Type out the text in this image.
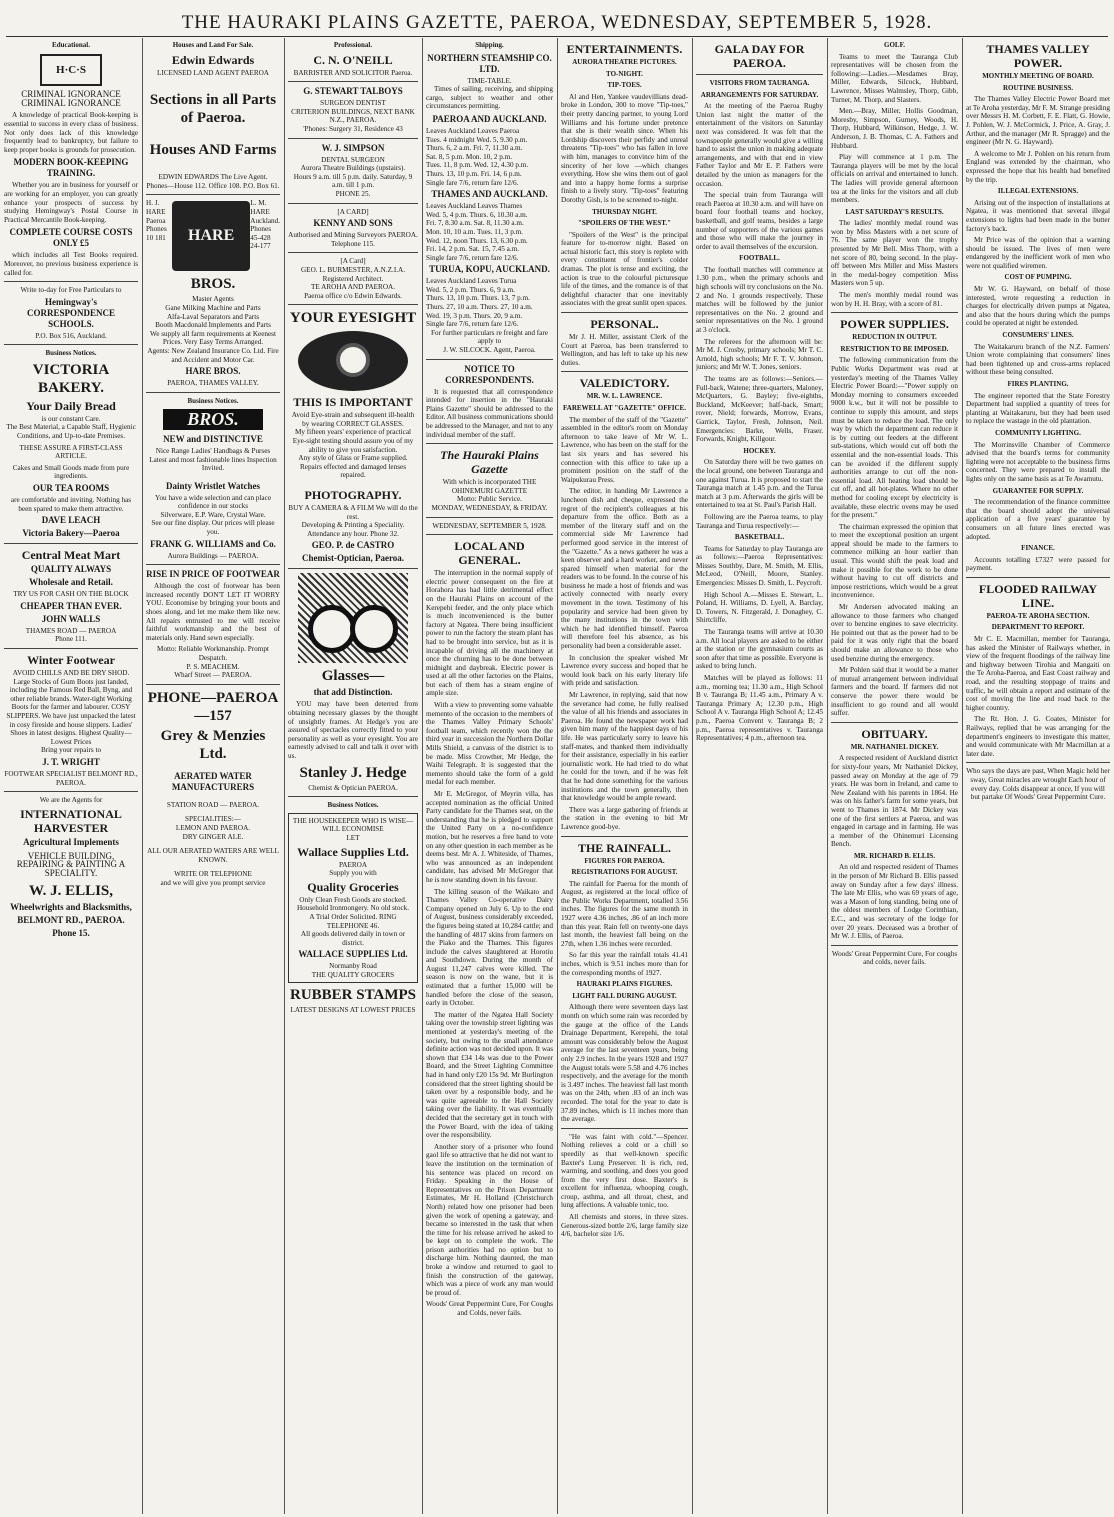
THE HAURAKI PLAINS GAZETTE, PAEROA, WEDNESDAY, SEPTEMBER 5, 1928.
Educational.
H·C·S
CRIMINAL IGNORANCE
CRIMINAL IGNORANCE

A knowledge of practical Book-keeping is essential to success in every class of business. Not only does lack of this knowledge frequently lead to bankruptcy, but failure to keep proper books is grounds for prosecution.

MODERN BOOK-KEEPING TRAINING.

Whether you are in business for yourself or are working for an employer, you can greatly enhance your prospects of success by studying Hemingway's Postal Course in Practical Mercantile Book-keeping.

COMPLETE COURSE COSTS ONLY £5

which includes all Test Books required. Moreover, no previous business experience is called for.

Write to-day for Free Particulars to
Hemingway's CORRESPONDENCE SCHOOLS.
P.O. Box 516, Auckland.
Business Notices.
VICTORIA BAKERY.
Your Daily Bread
is our constant Care.
The Best Material, a Capable Staff, Hygienic Conditions, and Up-to-date Premises.
THESE ASSURE A FIRST-CLASS ARTICLE.
Cakes and Small Goods made from pure ingredients.
OUR TEA ROOMS
are comfortable and inviting. Nothing has been spared to make them attractive.
DAVE LEACH
Victoria Bakery—Paeroa
Central Meat Mart
QUALITY ALWAYS
Wholesale and Retail.
TRY US FOR CASH ON THE BLOCK
CHEAPER THAN EVER.
JOHN WALLS
THAMES ROAD — PAEROA
Phone 111.
Winter Footwear
AVOID CHILLS AND BE DRY SHOD.
Large Stocks of Gum Boots just landed, including the Famous Red Ball, Byng, and other reliable brands. Water-tight Working Boots for the farmer and labourer. COSY SLIPPERS. We have just unpacked the latest in cosy fireside and house slippers. Ladies' Shoes in latest designs. Highest Quality—Lowest Prices
Bring your repairs to
J. T. WRIGHT
FOOTWEAR SPECIALIST BELMONT RD., PAEROA.
We are the Agents for
INTERNATIONAL HARVESTER
Agricultural Implements
VEHICLE BUILDING, REPAIRING & PAINTING A SPECIALITY.
W. J. ELLIS,
Wheelwrights and Blacksmiths,
BELMONT RD., PAEROA.
Phone 15.
Houses and Land For Sale.
Edwin Edwards
LICENSED LAND AGENT PAEROA
Sections in all Parts of Paeroa.
Houses AND Farms
EDWIN EDWARDS The Live Agent.
Phones—House 112. Office 108. P.O. Box 61.
H. J. HARE Paeroa Phones 10 181	HARE
L. M. HARE Auckland. Phones 45-428 24-177
BROS.
Master Agents
Gane Milking Machine and Parts
Alfa-Laval Separators and Parts
Booth Macdonald Implements and Parts
We supply all farm requirements at Keenest Prices. Very Easy Terms Arranged.
Agents: New Zealand Insurance Co. Ltd. Fire and Accident and Motor Car.
HARE BROS.
PAEROA, THAMES VALLEY.
Business Notices.
BROS.
NEW and DISTINCTIVE
Nice Range Ladies' Handbags & Purses
Latest and most fashionable lines Inspection Invited.
Dainty Wristlet Watches
You have a wide selection and can place confidence in our stocks
Silverware, E.P. Ware, Crystal Ware.
See our fine display. Our prices will please you.
FRANK G. WILLIAMS and Co.
Aurora Buildings — PAEROA.
RISE IN PRICE OF FOOTWEAR

Although the cost of footwear has been increased recently DON'T LET IT WORRY YOU. Economise by bringing your boots and shoes along, and let me make them like new. All repairs entrusted to me will receive faithful workmanship and the best of materials only. Hand sewn especially.

Motto: Reliable Workmanship. Prompt Despatch.
P. S. MEACHEM.
Wharf Street — PAEROA.
PHONE—PAEROA —157
Grey & Menzies Ltd.
AERATED WATER MANUFACTURERS
STATION ROAD — PAEROA.
SPECIALITIES:—
LEMON AND PAEROA.
DRY GINGER ALE.
ALL OUR AERATED WATERS ARE WELL KNOWN.
WRITE OR TELEPHONE
and we will give you prompt service
Professional.
C. N. O'NEILL
BARRISTER AND SOLICITOR Paeroa.
G. STEWART TALBOYS
SURGEON DENTIST
CRITERION BUILDINGS, NEXT BANK N.Z., PAEROA.
'Phones: Surgery 31, Residence 43
W. J. SIMPSON
DENTAL SURGEON
Aurora Theatre Buildings (upstairs).
Hours 9 a.m. till 5 p.m. daily. Saturday, 9 a.m. till 1 p.m.
PHONE 25.
[A CARD]
KENNY AND SONS
Authorised and Mining Surveyors PAEROA.
Telephone 115.
[A Card]
GEO. L. BURMESTER, A.N.Z.I.A.
Registered Architect.
TE AROHA AND PAEROA.
Paeroa office c/o Edwin Edwards.
YOUR EYESIGHT
THIS IS IMPORTANT
Avoid Eye-strain and subsequent ill-health by wearing CORRECT GLASSES.
My fifteen years' experience of practical Eye-sight testing should assure you of my ability to give you satisfaction.
Any style of Glass or Frame supplied.
Repairs effected and damaged lenses repaired.
PHOTOGRAPHY.
BUY A CAMERA & A FILM We will do the rest.
Developing & Printing a Speciality. Attendance any hour. Phone 32.
GEO. P. de CASTRO
Chemist-Optician, Paeroa.
Glasses—
that add Distinction.

YOU may have been deterred from obtaining necessary glasses by the thought of unsightly frames. At Hedge's you are assured of spectacles correctly fitted to your personality as well as your eyesight. You are earnestly advised to call and talk it over with us.

Stanley J. Hedge
Chemist & Optician PAEROA.
Business Notices.
THE HOUSEKEEPER WHO IS WISE—
WILL ECONOMISE
LET
Wallace Supplies Ltd.
PAEROA
Supply you with
Quality Groceries
Only Clean Fresh Goods are stocked.
Household Ironmongery. No old stock.
A Trial Order Solicited. RING TELEPHONE 46.
All goods delivered daily in town or district.
WALLACE SUPPLIES Ltd.
Normanby Road
THE QUALITY GROCERS
RUBBER STAMPS
LATEST DESIGNS AT LOWEST PRICES
Shipping.
NORTHERN STEAMSHIP CO. LTD.
TIME-TABLE.

Times of sailing, receiving, and shipping cargo, subject to weather and other circumstances permitting.

PAEROA AND AUCKLAND.
Leaves Auckland Leaves Paeroa
Tues. 4 midnight Wed. 5, 9.30 p.m.
Thurs. 6, 2 a.m. Fri. 7, 11.30 a.m.
Sat. 8, 5 p.m. Mon. 10, 2 p.m.
Tues. 11, 8 p.m. Wed. 12, 4.30 p.m.
Thurs. 13, 10 p.m. Fri. 14, 6 p.m.
Single fare 7/6, return fare 12/6.
THAMES AND AUCKLAND.
Leaves Auckland Leaves Thames
Wed. 5, 4 p.m. Thurs. 6, 10.30 a.m.
Fri. 7, 8.30 a.m. Sat. 8, 11.30 a.m.
Mon. 10, 10 a.m. Tues. 11, 3 p.m.
Wed. 12, noon Thurs. 13, 6.30 p.m.
Fri. 14, 2 p.m. Sat. 15, 7.45 a.m.
Single fare 7/6, return fare 12/6.
TURUA, KOPU, AUCKLAND.
Leaves Auckland Leaves Turua
Wed. 5, 2 p.m. Thurs. 6, 9 a.m.
Thurs. 13, 10 p.m. Thurs. 13, 7 p.m.
Thurs. 27, 10 a.m. Thurs. 27, 10 a.m.
Wed. 19, 3 p.m. Thurs. 20, 9 a.m.
Single fare 7/6, return fare 12/6.
For further particulars re freight and fare apply to
J. W. SILCOCK. Agent, Paeroa.
NOTICE TO CORRESPONDENTS.

It is requested that all correspondence intended for insertion in the "Hauraki Plains Gazette" should be addressed to the Editor. All business communications should be addressed to the Manager, and not to any individual member of the staff.

The Hauraki Plains Gazette
With which is incorporated THE OHINEMURI GAZETTE
Motto: Public Service.
MONDAY, WEDNESDAY, & FRIDAY.
WEDNESDAY, SEPTEMBER 5, 1928.
LOCAL AND GENERAL.

The interruption in the normal supply of electric power consequent on the fire at Horahora has had little detrimental effect on the Hauraki Plains on account of the Kerepehi feeder, and the only place which is much inconvenienced is the butter factory at Ngatea. There being insufficient power to run the factory the steam plant has had to be brought into service, but as it is incapable of driving all the machinery at once the churning has to be done between midnight and daybreak. Electric power is used at all the other factories on the Plains, but each of them has a steam engine of ample size.

With a view to preventing some valuable memento of the occasion to the members of the Thames Valley Primary Schools' football team, which recently won the the third year in succession the Northern Dollar Mills Shield, a canvass of the district is to be made. Miss Crowther, Mr Hedge, the Waihi Telegraph. It is suggested that the memento should take the form of a gold medal for each member.

Mr E. McGregor, of Meyrin villa, has accepted nomination as the official United Party candidate for the Thames seat, on the understanding that he is pledged to support the United Party on a no-confidence motion, but he reserves a free hand to vote on any other question in each member as he deems best. Mr A. J. Whiteside, of Thames, who was announced as an independent candidate, has advised Mr McGregor that he is now standing down in his favour.

The killing season of the Waikato and Thames Valley Co-operative Dairy Company opened on July 6. Up to the end of August, business considerably exceeded, the figures being stated at 10,284 cattle; and the handling of 4817 skins from farmers on the Piako and the Thames. This figures include the calves slaughtered at Horotiu and Southdown. During the month of August 11,247 calves were killed. The season is now on the wane, but it is estimated that a further 15,000 will be handled before the close of the season, early in October.

The matter of the Ngatea Hall Society taking over the township street lighting was mentioned at yesterday's meeting of the society, but owing to the small attendance definite action was not decided upon. It was shown that £34 14s was due to the Power Board, and the Street Lighting Committee had in hand only £20 15s 9d. Mr Burlington considered that the street lighting should be taken over by a responsible body, and he was quite agreeable to the Hall Society taking over the liability. It was eventually decided that the secretary get in touch with the Power Board, with the idea of taking over the responsibility.

Another story of a prisoner who found gaol life so attractive that he did not want to leave the institution on the termination of his sentence was placed on record on Friday. Speaking in the House of Representatives on the Prison Department Estimates, Mr H. Holland (Christchurch North) related how one prisoner had been given the work of opening a gateway, and became so interested in the task that when the time for his release arrived he asked to be kept on to complete the work. The prison authorities had no option but to discharge him. Nothing daunted, the man broke a window and returned to gaol to finish the construction of the gateway, which was a piece of work any man would be proud of.

Woods' Great Peppermint Cure, For Coughs and Colds, never fails.
ENTERTAINMENTS.
AURORA THEATRE PICTURES.
TO-NIGHT.
TIP-TOES.

Al and Hen, Yankee vaudevillians dead-broke in London, 300 to move "Tip-toes," their pretty dancing partner, to young Lord Williams and his fortune under pretence that she is their wealth since. When his Lordship discovers their perfidy and unreal threatens "Tip-toes" who has fallen in love with him, manages to convince him of the sincerity of her love —which changes everything. How she wins them out of gaol and into a happy home forms a surprise finish to a lively story. "Tip-toes" featuring Dorothy Gish, is to be screened to-night.

THURSDAY NIGHT.
"SPOILERS OF THE WEST."

"Spoilers of the West" is the principal feature for to-morrow night. Based on actual historic fact, this story is replete with every constituent of frontier's colder dramas. The plot is tense and exciting, the action is true to the colourful picturesque life of the times, and the romance is of that delightful character that one inevitably associates with the great sunlit open spaces.

PERSONAL.

Mr J. H. Miller, assistant Clerk of the Court at Paeroa, has been transferred to Wellington, and has left to take up his new duties.

VALEDICTORY.
MR. W. L. LAWRENCE.
FAREWELL AT "GAZETTE" OFFICE.

The member of the staff of the "Gazette" assembled in the editor's room on Monday afternoon to take leave of Mr W. L. Lawrence, who has been on the staff for the last six years and has severed his connection with this office to take up a prominent position on the staff of the Waipukurau Press.

The editor, in handing Mr Lawrence a luncheon dish and cheque, expressed the regret of the recipient's colleagues at his departure from the office. Both as a member of the literary staff and on the commercial side Mr Lawrence had performed good service in the interest of the "Gazette." As a news gatherer he was a keen observer and a hard worker, and never spared himself when material for the readers was to be found. In the course of his business he made a host of friends and was actively connected with nearly every movement in the town. Testimony of his popularity and service had been given by the many institutions in the town with which he had identified himself. Paeroa will therefore feel his absence, as his personality had been a considerable asset.

In conclusion the speaker wished Mr Lawrence every success and hoped that he would look back on his early literary life with pride and satisfaction.

Mr Lawrence, in replying, said that now the severance had come, he fully realised the value of all his friends and associates in Paeroa. He found the newspaper work had given him many of the happiest days of his life. He was particularly sorry to leave his staff-mates, and thanked them individually for their assistance, especially in his earlier journalistic work. He had tried to do what he could for the town, and if he was felt that he had done something for the various institutions and the town generally, then that knowledge would be ample reward.

There was a large gathering of friends at the station in the evening to bid Mr Lawrence good-bye.

THE RAINFALL.
FIGURES FOR PAEROA.
REGISTRATIONS FOR AUGUST.

The rainfall for Paeroa for the month of August, as registered at the local office of the Public Works Department, totalled 3.56 inches. The figures for the same month in 1927 were 4.36 inches, .86 of an inch more than this year. Rain fell on twenty-one days last month, the heaviest fall being on the 27th, when 1.36 inches were recorded.

So far this year the rainfall totals 41.41 inches, which is 9.51 inches more than for the corresponding months of 1927.

HAURAKI PLAINS FIGURES.
LIGHT FALL DURING AUGUST.

Although there were seventeen days last month on which some rain was recorded by the gauge at the office of the Lands Drainage Department, Kerepehi, the total amount was considerably below the August average for the last seventeen years, being only 2.9 inches. In the years 1928 and 1927 the August totals were 5.58 and 4.76 inches respectively, and the average for the month is 3.497 inches. The heaviest fall last month was on the 24th, when .83 of an inch was recorded. The total for the year to date is 37.89 inches, which is 11 inches more than the average.

"He was faint with cold."—Spencer. Nothing relieves a cold or a chill so speedily as that well-known specific Baxter's Lung Preserver. It is rich, red, warming, and soothing, and does you good from the very first dose. Baxter's is excellent for influenza, whooping cough, croup, asthma, and all throat, chest, and lung affections. A valuable tonic, too.

All chemists and stores, in three sizes. Generous-sized bottle 2/6, large family size 4/6, bachelor size 1/6.

GALA DAY FOR PAEROA.
VISITORS FROM TAURANGA.
ARRANGEMENTS FOR SATURDAY.

At the meeting of the Paeroa Rugby Union last night the matter of the entertainment of the visitors on Saturday next was considered. It was felt that the townspeople generally would give a willing hand to assist the union in making adequate arrangements, and with that end in view Father Taylor and Mr E. P. Fathers were detailed by the union as managers for the occasion.

The special train from Tauranga will reach Paeroa at 10.30 a.m. and will have on board four football teams and hockey, basketball, and golf teams, besides a large number of supporters of the various games and those who will make the journey in order to avail themselves of the excursion.

FOOTBALL.

The football matches will commence at 1.30 p.m., when the primary schools and high schools will try conclusions on the No. 2 and No. 1 grounds respectively. These matches will be followed by the junior representatives on the No. 2 ground and senior representatives on the No. 1 ground at 3 o'clock.

The referees for the afternoon will be: Mr M. J. Crosby, primary schools; Mr T. C. Arnold, high schools; Mr F. T. V. Johnson, juniors; and Mr W. T. Jones, seniors.

The teams are as follows:—Seniors.—Full-back, Watene; three-quarters, Maloney, McQuarters, G. Bayley; five-eighths, Buckland, McKeever; half-back, Smart; rover, Nield; forwards, Morrow, Evans, Garrick, Taylor, Fresh, Johnson, Neil. Emergencies: Barke, Wells, Fraser. Forwards, Knight, Killgour.

HOCKEY.

On Saturday there will be two games on the local ground, one between Tauranga and one against Turua. It is proposed to start the Tauranga match at 1.45 p.m. and the Turua match at 3 p.m. Afterwards the girls will be entertained to tea at St. Paul's Parish Hall.

Following are the Paeroa teams, to play Tauranga and Turua respectively:—

BASKETBALL.

Teams for Saturday to play Tauranga are as follows:—Paeroa Representatives: Misses Southby, Dare, M. Smith, M. Ellis, McLeod, O'Neill, Moore, Stanley. Emergencies: Misses D. Smith, L. Peycroft.

High School A.—Misses E. Stewart, L. Poland, H. Williams, D. Lyell, A. Barclay, D. Towers, N. Fitzgerald, J. Donaghey, C. Shirtcliffe.

The Tauranga teams will arrive at 10.30 a.m. All local players are asked to be either at the station or the gymnasium courts as soon after that time as possible. Everyone is asked to bring lunch.

Matches will be played as follows: 11 a.m., morning tea; 11.30 a.m., High School B v. Tauranga B; 11.45 a.m., Primary A v. Tauranga Primary A; 12.30 p.m., High School A v. Tauranga High School A; 12.45 p.m., Paeroa Convent v. Tauranga B; 2 p.m., Paeroa representatives v. Tauranga Representatives; 4 p.m., afternoon tea.

GOLF.

Teams to meet the Tauranga Club representatives will be chosen from the following:—Ladies.—Mesdames Bray, Miller, Edwards, Silcock, Hubbard, Lawrence, Misses Walmsley, Thorp, Gibb, Turner, M. Thorp, and Slasters.

Men.—Bray, Miller, Hollis Goodman, Moresby, Simpson, Gurney, Woods, H. Thorp, Hubbard, Wilkinson, Hedge, J. W. Anderson, J. B. Thomas, C. A. Fathers and Hubbard.

Play will commence at 1 p.m. The Tauranga players will be met by the local officials on arrival and entertained to lunch. The ladies will provide general afternoon tea at the links for the visitors and all club members.

LAST SATURDAY'S RESULTS.

The ladies' monthly medal round was won by Miss Masters with a net score of 76. The same player won the trophy presented by Mr Bell. Miss Thorp, with a net score of 80, being second. In the play-off between Mrs Miller and Miss Masters in the medal-bogey competition Miss Masters won 5 up.

The men's monthly medal round was won by H. H. Bray, with a score of 81.

POWER SUPPLIES.
REDUCTION IN OUTPUT.
RESTRICTION TO BE IMPOSED.

The following communication from the Public Works Department was read at yesterday's meeting of the Thames Valley Electric Power Board:—"Power supply on Monday morning to consumers exceeded 9000 k.w., but it will not be possible to continue to supply this amount, and steps must be taken to reduce the load. The only way by which the department can reduce it is by cutting out feeders at the different sub-stations, which would cut off both the essential and the non-essential loads. This can be avoided if the different supply authorities arrange to cut off the non-essential load. All heating load should be cut off, and all hot-plates. Where no other method for cooling except by electricity is available, these electric ovens may be used for the present."

The chairman expressed the opinion that to meet the exceptional position an urgent appeal should be made to the farmers to commence milking an hour earlier than usual. This would shift the peak load and make it possible for the work to be done without having to cut off districts and impose restrictions, which would be a great inconvenience.

Mr Andersen advocated making an allowance to those farmers who changed over to benzine engines to save electricity. He pointed out that as the power had to be paid for it was only right that the board should make an allowance to those who used benzine during the emergency.

Mr Pohlen said that it would be a matter of mutual arrangement between individual farmers and the board. If farmers did not conserve the power there would be insufficient to go round and all would suffer.

OBITUARY.
MR. NATHANIEL DICKEY.

A respected resident of Auckland district for sixty-four years, Mr Nathaniel Dickey, passed away on Monday at the age of 79 years. He was born in Ireland, and came to New Zealand with his parents in 1864. He was on his father's farm for some years, but went to Thames in 1874. Mr Dickey was one of the first settlers at Paeroa, and was engaged in cartage and in farming. He was a member of the Ohinemuri Licensing Bench.

MR. RICHARD B. ELLIS.

An old and respected resident of Thames in the person of Mr Richard B. Ellis passed away on Sunday after a few days' illness. The late Mr Ellis, who was 69 years of age, was a Mason of long standing, being one of the oldest members of Lodge Corinthian, E.C., and was secretary of the lodge for over 20 years. Deceased was a brother of Mr W. J. Ellis, of Paeroa.

Woods' Great Peppermint Cure, For coughs and colds, never fails.
THAMES VALLEY POWER.
MONTHLY MEETING OF BOARD.
ROUTINE BUSINESS.

The Thames Valley Electric Power Board met at Te Aroha yesterday, Mr F. M. Strange presiding over Messrs H. M. Corbett, F. E. Flatt, G. Howie, J. Pohlen, W. J. McCormick, J. Price, A. Gray, J. Arthur, and the manager (Mr R. Spragge) and the engineer (Mr N. G. Hayward).

A welcome to Mr J. Pohlen on his return from England was extended by the chairman, who expressed the hope that his health had benefited by the trip.

ILLEGAL EXTENSIONS.

Arising out of the inspection of installations at Ngatea, it was mentioned that several illegal extensions to lights had been made in the butter factory's back.

Mr Price was of the opinion that a warning should be issued. The lives of men were endangered by the inefficient work of men who were not qualified wiremen.

COST OF PUMPING.

Mr W. G. Hayward, on behalf of those interested, wrote requesting a reduction in charges for electrically driven pumps at Ngatea, and also that the hours during which the pumps could be operated at night be extended.

CONSUMERS' LINES.

The Waitakaruru branch of the N.Z. Farmers' Union wrote complaining that consumers' lines had been tightened up and cross-arms replaced without these being consulted.

FIRES PLANTING.

The engineer reported that the State Forestry Department had supplied a quantity of trees for planting at Waitakaruru, but they had been used to replace the wastage in the old plantation.

COMMUNITY LIGHTING.

The Morrinsville Chamber of Commerce advised that the board's terms for community lighting were not acceptable to the business firms concerned. They were prepared to install the lights only on the same basis as at Te Awamutu.

GUARANTEE FOR SUPPLY.

The recommendation of the finance committee that the board should adopt the universal application of a five years' guarantee by consumers on all future lines erected was adopted.

FINANCE.

Accounts totalling £7327 were passed for payment.

FLOODED RAILWAY LINE.
PAEROA-TE AROHA SECTION.
DEPARTMENT TO REPORT.

Mr C. E. Macmillan, member for Tauranga, has asked the Minister of Railways whether, in view of the frequent floodings of the railway line and highway between Tirohia and Mangaiti on the Te Aroha-Paeroa, and East Coast railway and road, and the resulting stoppage of trains and traffic, he will obtain a report and estimate of the cost of moving the line and road back to the higher country.

The Rt. Hon. J. G. Coates, Minister for Railways, replied that he was arranging for the department's engineers to investigate this matter, and would communicate with Mr Macmillan at a later date.

Who says the days are past, When Magic held her sway, Great miracles are wrought Each hour of every day. Colds disappear at once, If you will but partake Of Woods' Great Peppermint Cure.
